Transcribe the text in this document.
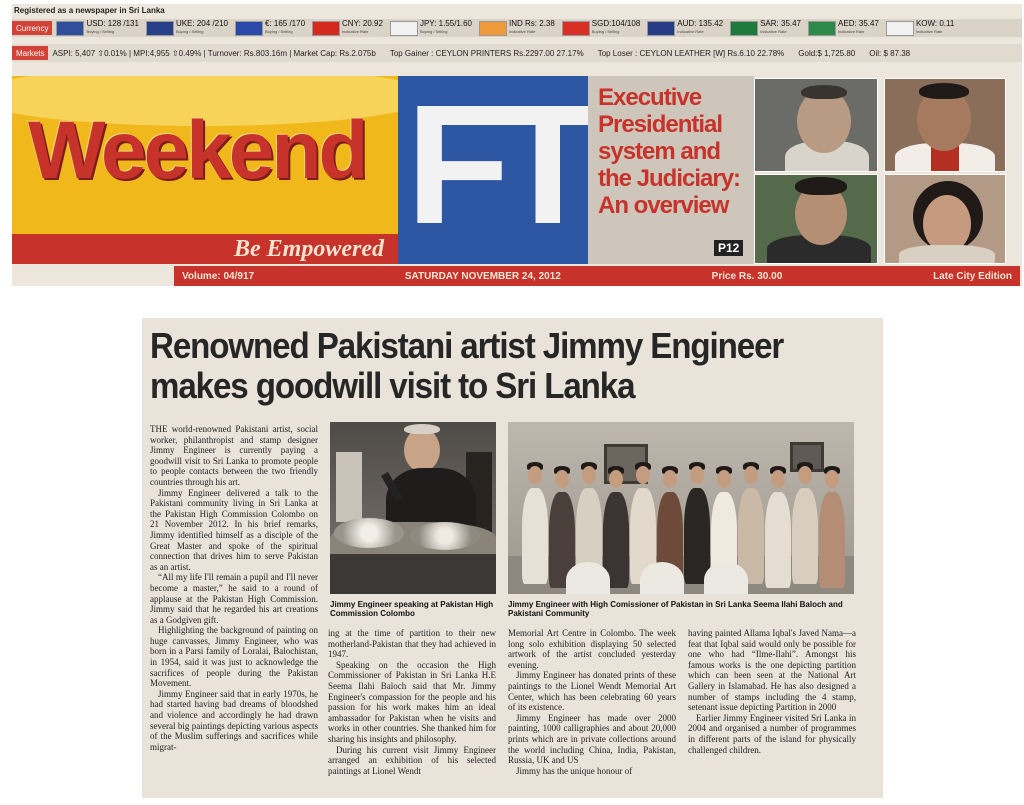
Registered as a newspaper in Sri Lanka
Currency	USD: 128 /131
Buying / Selling
UKE: 204 /210
Buying / Selling
€: 165 /170
Buying / Selling
CNY: 20.92
Indicative Rate
JPY: 1.55/1.60
Buying / Selling
IND Rs: 2.38
Indicative Rate
SGD:104/108
Buying / Selling
AUD: 135.42
Indicative Rate
SAR: 35.47
Indicative Rate
AED: 35.47
Indicative Rate
KOW: 0.11
Indicative Rate
Markets	ASPI: 5,407 ⇧0.01% | MPI:4,955 ⇧0.49% | Turnover: Rs.803.16m | Market Cap: Rs.2.075b Top Gainer : CEYLON PRINTERS Rs.2297.00 27.17% Top Loser : CEYLON LEATHER [W] Rs.6.10 22.78% Gold:$ 1,725.80 Oil: $ 87.38
Weekend
Be Empowered FT Executive Presidential system and the Judiciary: An overview
P12
Volume: 04/917	SATURDAY NOVEMBER 24, 2012	Price Rs. 30.00	Late City Edition
Renowned Pakistani artist Jimmy Engineer makes goodwill visit to Sri Lanka

THE world-renowned Pakistani artist, social worker, philanthropist and stamp designer Jimmy Engineer is currently paying a goodwill visit to Sri Lanka to promote people to people contacts between the two friendly countries through his art.

Jimmy Engineer delivered a talk to the Pakistani community living in Sri Lanka at the Pakistan High Commission Colombo on 21 November 2012. In his brief remarks, Jimmy identified himself as a disciple of the Great Master and spoke of the spiritual connection that drives him to serve Pakistan as an artist.

“All my life I'll remain a pupil and I'll never become a master,” he said to a round of applause at the Pakistan High Commission. Jimmy said that he regarded his art creations as a Godgiven gift.

Highlighting the background of painting on huge canvasses, Jimmy Engineer, who was born in a Parsi family of Loralai, Balochistan, in 1954, said it was just to acknowledge the sacrifices of people during the Pakistan Movement.

Jimmy Engineer said that in early 1970s, he had started having bad dreams of bloodshed and violence and accordingly he had drawn several big paintings depicting various aspects of the Muslim sufferings and sacrifices while migrat-

Jimmy Engineer speaking at Pakistan High Commission Colombo
Jimmy Engineer with High Comissioner of Pakistan in Sri Lanka Seema Ilahi Baloch and Pakistani Community

ing at the time of partition to their new motherland-Pakistan that they had achieved in 1947.

Speaking on the occasion the High Commissioner of Pakistan in Sri Lanka H.E Seema Ilahi Baloch said that Mr. Jimmy Engineer's compassion for the people and his passion for his work makes him an ideal ambassador for Pakistan when he visits and works in other countries. She thanked him for sharing his insights and philosophy.

During his current visit Jimmy Engineer arranged an exhibition of his selected paintings at Lionel Wendt

Memorial Art Centre in Colombo. The week long solo exhibition displaying 50 selected artwork of the artist concluded yesterday evening.

Jimmy Engineer has donated prints of these paintings to the Lionel Wendt Memorial Art Center, which has been celebrating 60 years of its existence.

Jimmy Engineer has made over 2000 painting, 1000 calligraphies and about 20,000 prints which are in private collections around the world including China, India, Pakistan, Russia, UK and US

Jimmy has the unique honour of

having painted Allama Iqbal's Javed Nama—a feat that Iqbal said would only be possible for one who had “Ilme-Ilahi”. Amongst his famous works is the one depicting partition which can been seen at the National Art Gallery in Islamabad. He has also designed a number of stamps including the 4 stamp, setenant issue depicting Partition in 2000

Earlier Jimmy Engineer visited Sri Lanka in 2004 and organised a number of programmes in different parts of the island for physically challenged children.
